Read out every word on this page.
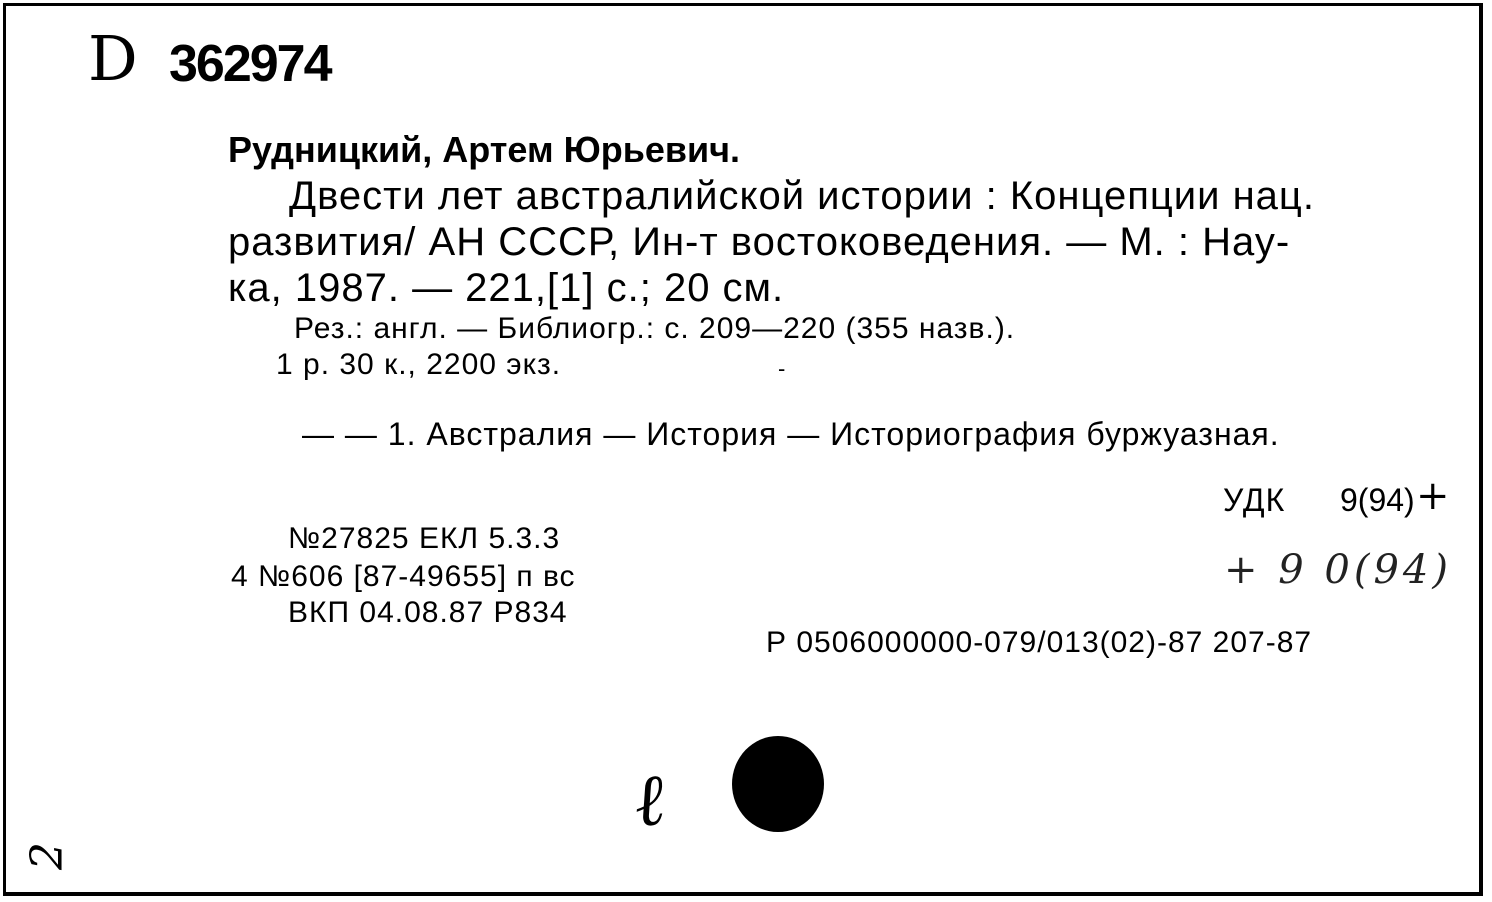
D 362974
Рудницкий, Артем Юрьевич.
Двести лет австралийской истории : Концепции нац.
развития/ АН СССР, Ин-т востоковедения. — М. : Нау-
ка, 1987. — 221,[1] с.; 20 см.
Рез.: англ. — Библиогр.: с. 209—220 (355 назв.).
1 р. 30 к., 2200 экз.	-
— — 1. Австралия — История — Историография буржуазная.
№27825 ЕКЛ 5.3.3
4 №606 [87-49655] п вс
ВКП 04.08.87 Р834
УДК 9(94) +
+ 9 0(94)
Р 0506000000-079/013(02)-87 207-87
ℓ
2
